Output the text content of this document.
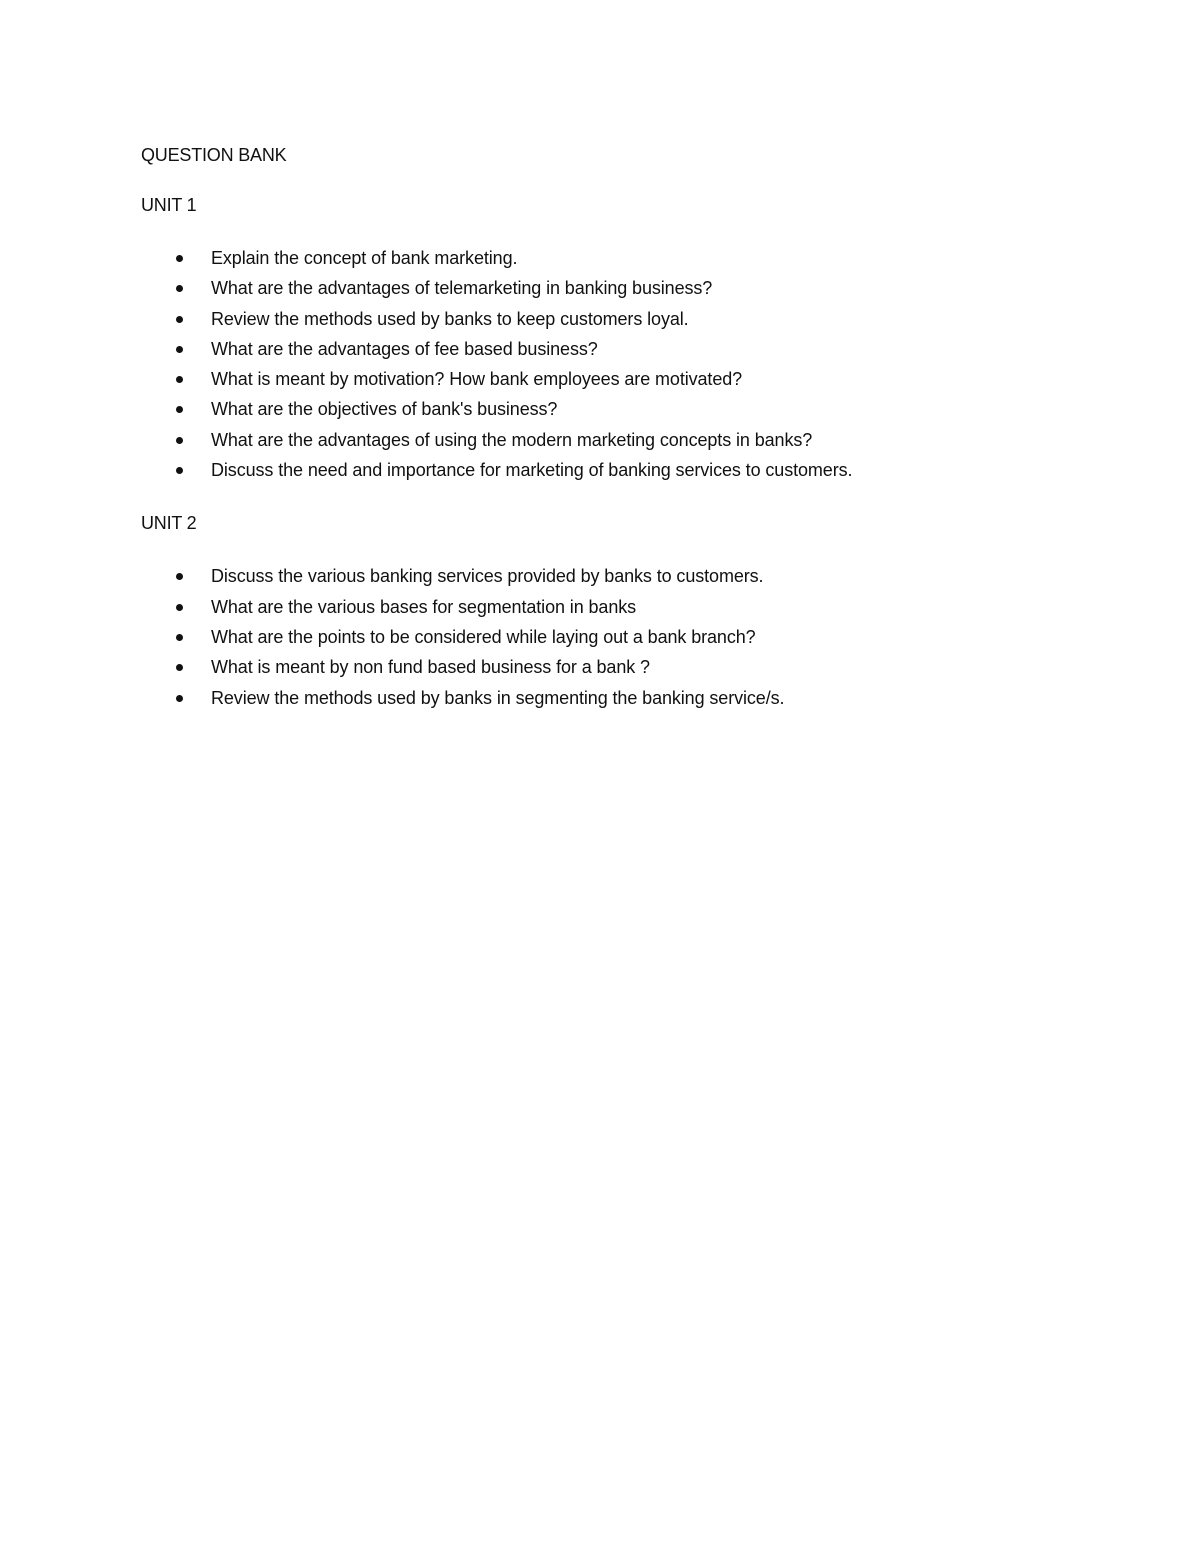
QUESTION BANK

UNIT 1

Explain the concept of bank marketing.
What are the advantages of telemarketing in banking business?
Review the methods used by banks to keep customers loyal.
What are the advantages of fee based business?
What is meant by motivation? How bank employees are motivated?
What are the objectives of bank's business?
What are the advantages of using the modern marketing concepts in banks?
Discuss the need and importance for marketing of banking services to customers.

UNIT 2

Discuss the various banking services provided by banks to customers.
What are the various bases for segmentation in banks
What are the points to be considered while laying out a bank branch?
What is meant by non fund based business for a bank ?
Review the methods used by banks in segmenting the banking service/s.
